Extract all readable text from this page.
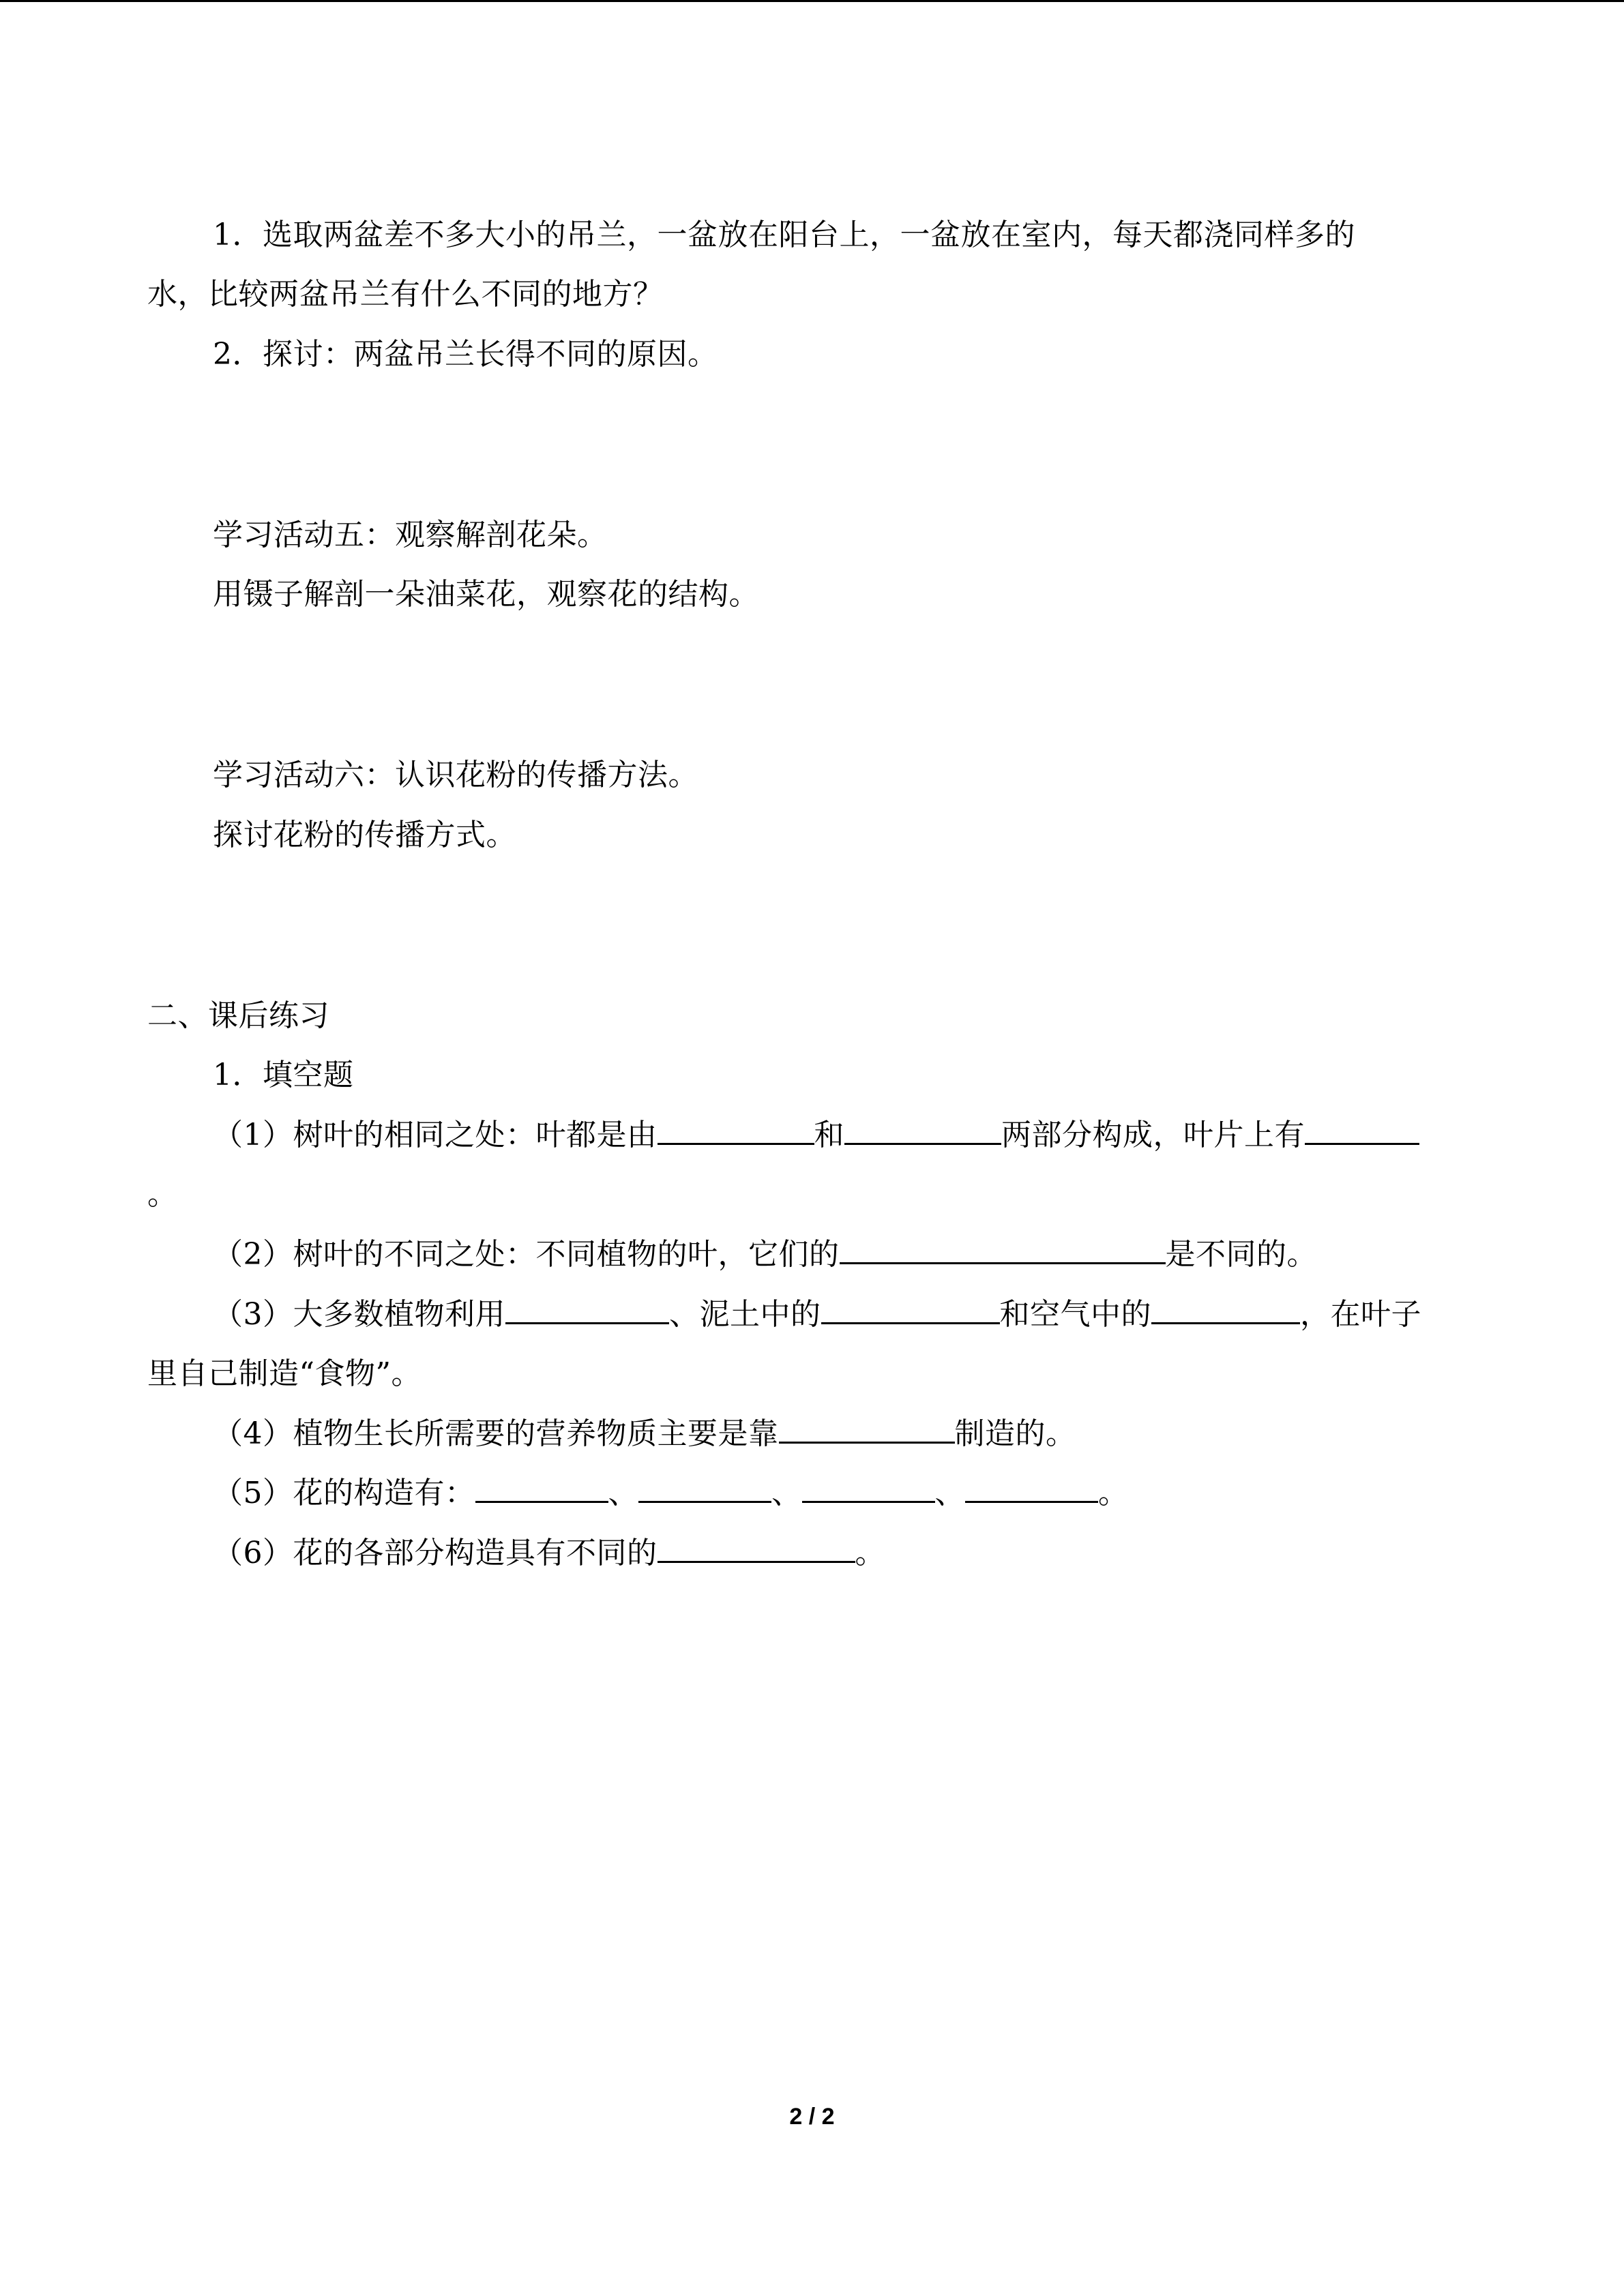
1．选取两盆差不多大小的吊兰，一盆放在阳台上，一盆放在室内，每天都浇同样多的
水，比较两盆吊兰有什么不同的地方？
2．探讨：两盆吊兰长得不同的原因。
学习活动五：观察解剖花朵。
用镊子解剖一朵油菜花，观察花的结构。
学习活动六：认识花粉的传播方法。
探讨花粉的传播方式。
二、课后练习
1．填空题
（1）树叶的相同之处：叶都是由	和	两部分构成，叶片上有
。
（2）树叶的不同之处：不同植物的叶，它们的	是不同的。
（3）大多数植物利用	、泥土中的	和空气中的	，在叶子
里自己制造“食物”。
（4）植物生长所需要的营养物质主要是靠	制造的。
（5）花的构造有：	、	、	、	。
（6）花的各部分构造具有不同的	。
2 / 2
